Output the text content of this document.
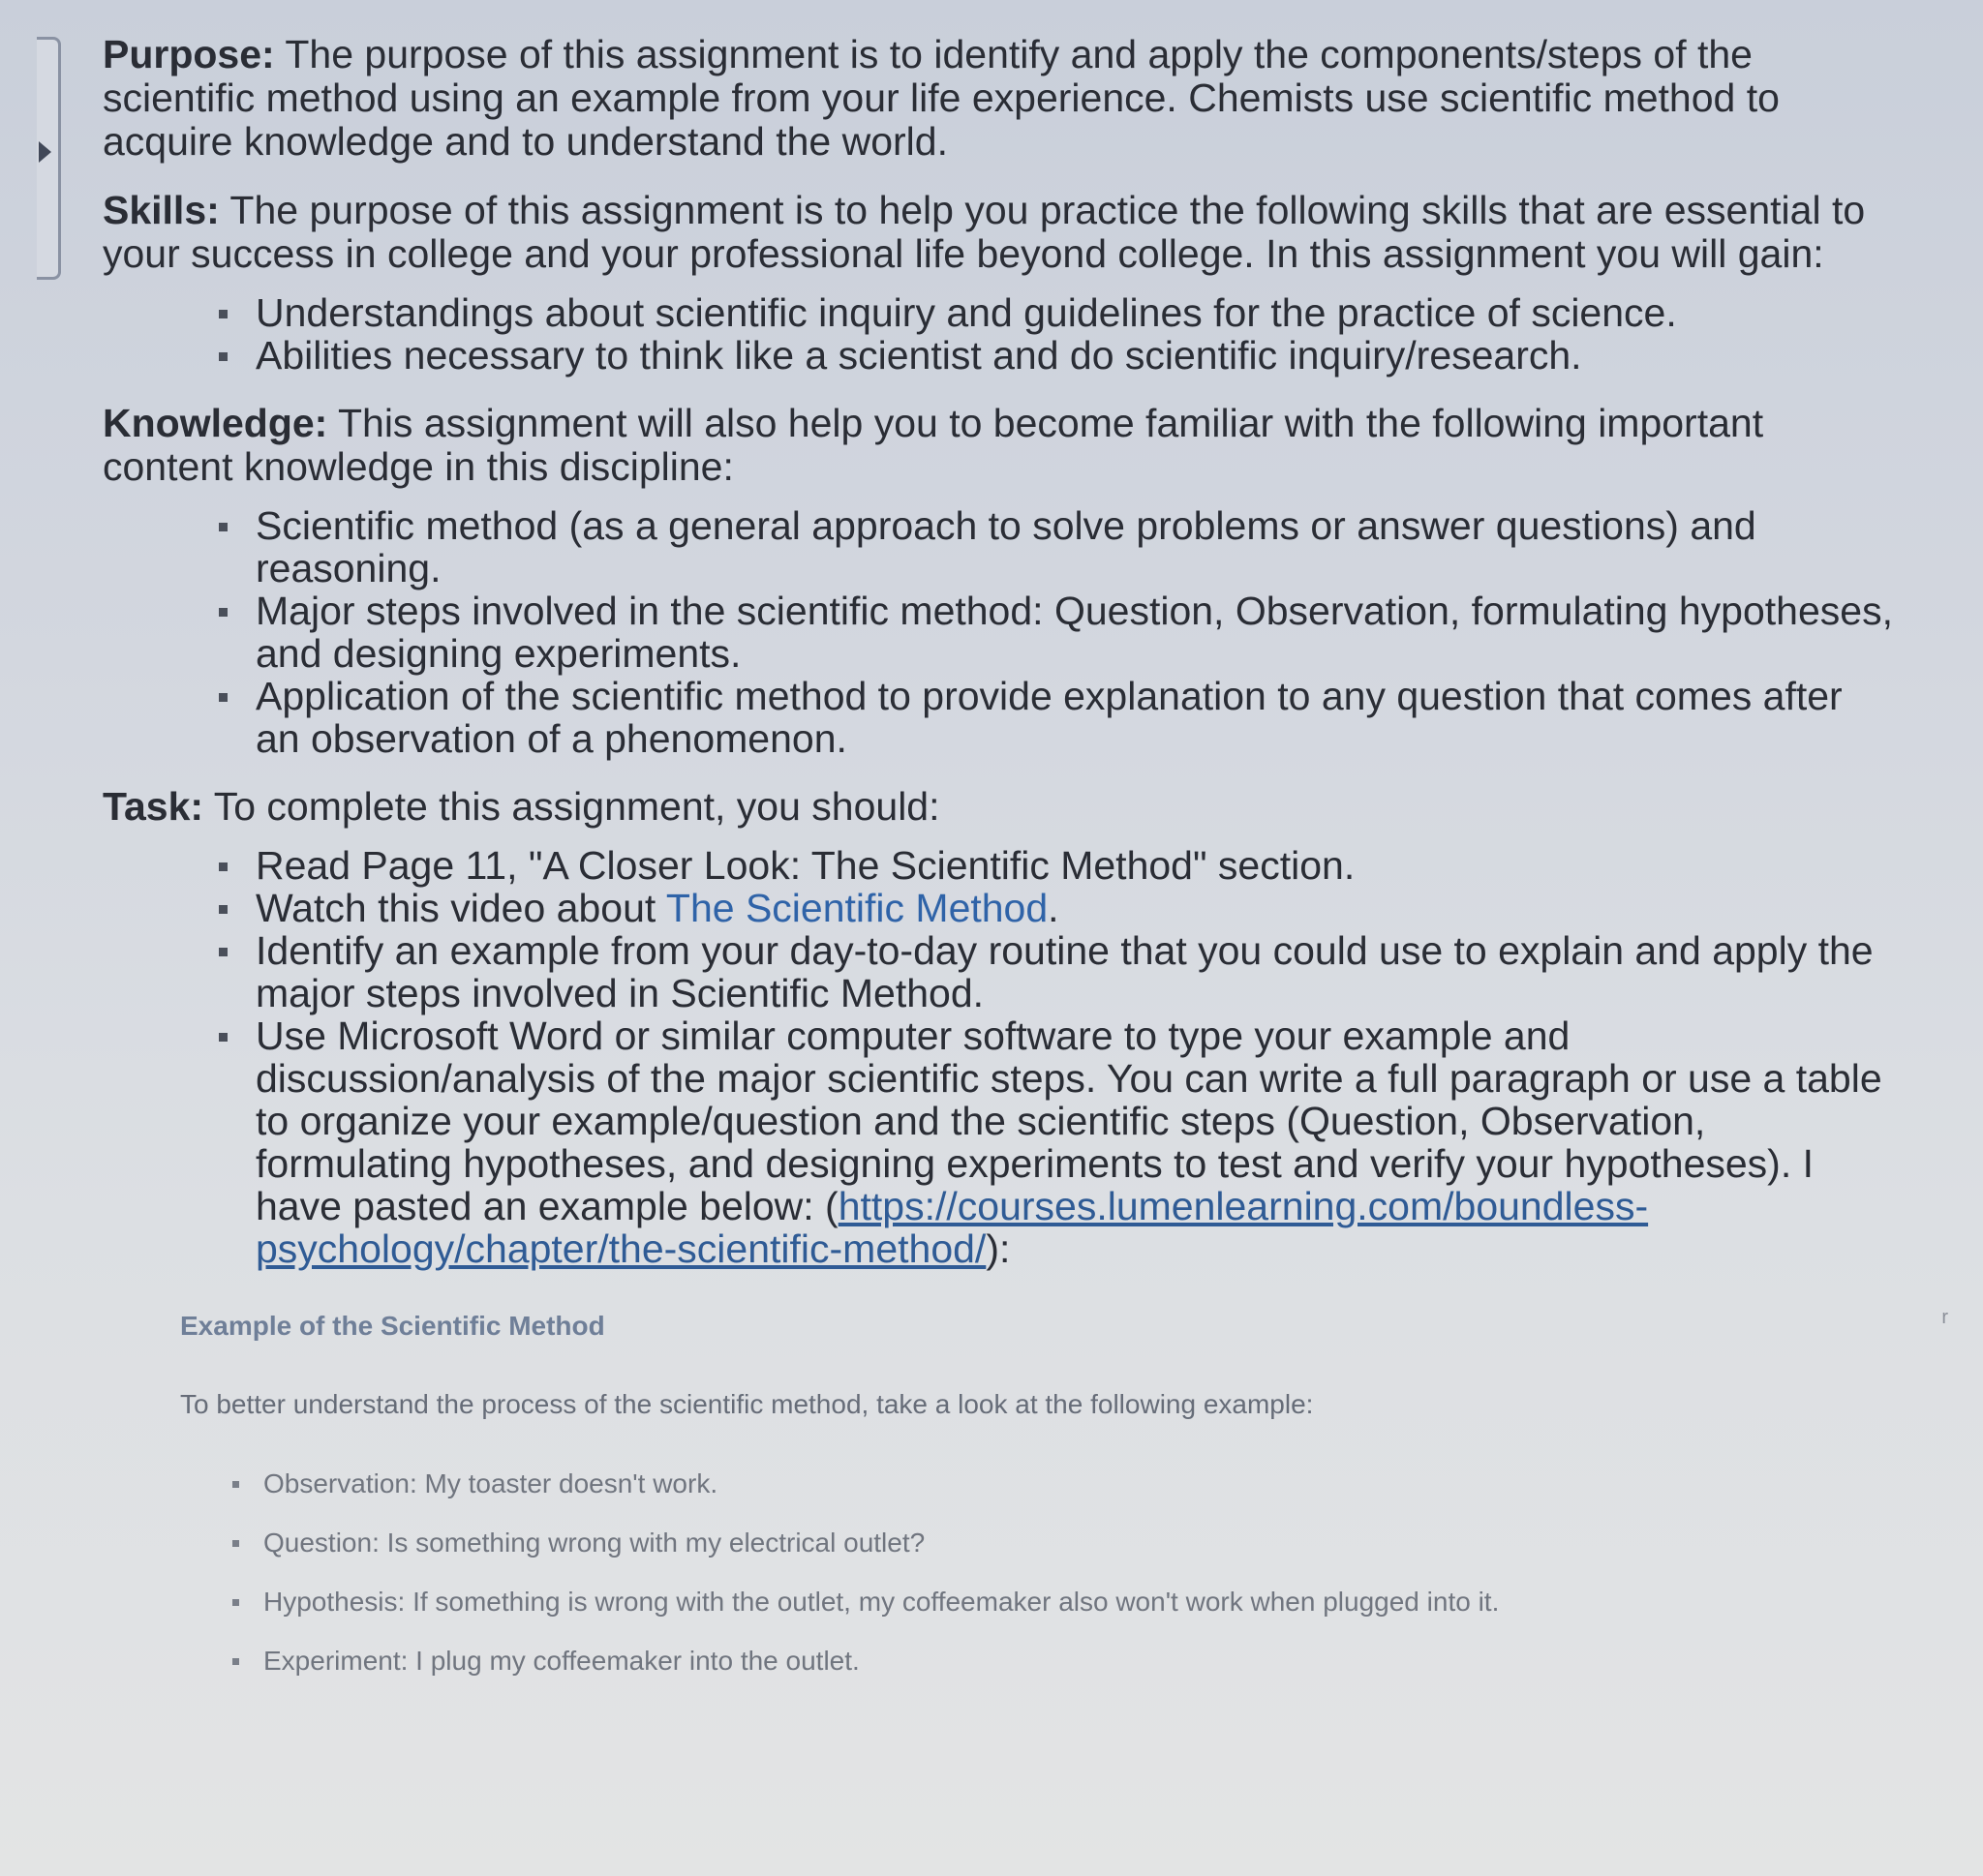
Purpose: The purpose of this assignment is to identify and apply the components/steps of the scientific method using an example from your life experience. Chemists use scientific method to acquire knowledge and to understand the world.

Skills: The purpose of this assignment is to help you practice the following skills that are essential to your success in college and your professional life beyond college. In this assignment you will gain:

Understandings about scientific inquiry and guidelines for the practice of science.
Abilities necessary to think like a scientist and do scientific inquiry/research.

Knowledge: This assignment will also help you to become familiar with the following important content knowledge in this discipline:

Scientific method (as a general approach to solve problems or answer questions) and reasoning.
Major steps involved in the scientific method: Question, Observation, formulating hypotheses, and designing experiments.
Application of the scientific method to provide explanation to any question that comes after an observation of a phenomenon.

Task: To complete this assignment, you should:

Read Page 11, "A Closer Look: The Scientific Method" section.
Watch this video about The Scientific Method.
Identify an example from your day-to-day routine that you could use to explain and apply the major steps involved in Scientific Method.
Use Microsoft Word or similar computer software to type your example and discussion/analysis of the major scientific steps. You can write a full paragraph or use a table to organize your example/question and the scientific steps (Question, Observation, formulating hypotheses, and designing experiments to test and verify your hypotheses). I have pasted an example below: (https://courses.lumenlearning.com/boundless-psychology/chapter/the-scientific-method/):
Example of the Scientific Method
To better understand the process of the scientific method, take a look at the following example:
Observation: My toaster doesn't work.
Question: Is something wrong with my electrical outlet?
Hypothesis: If something is wrong with the outlet, my coffeemaker also won't work when plugged into it.
Experiment: I plug my coffeemaker into the outlet.
r
